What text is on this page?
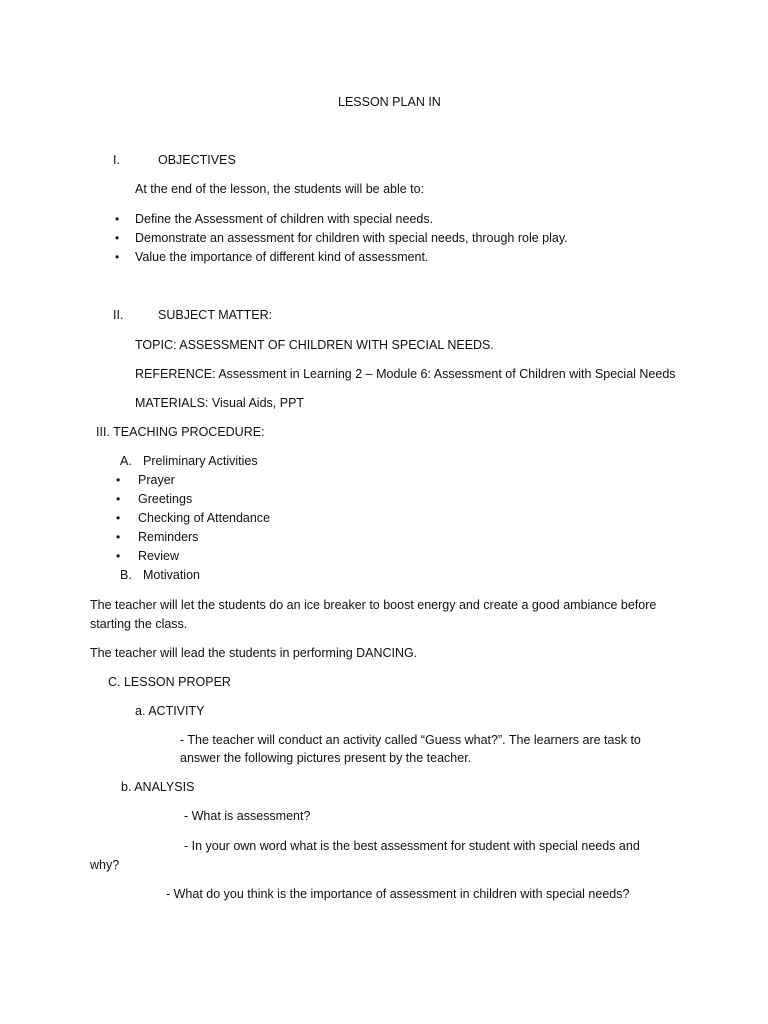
LESSON PLAN IN
I.	OBJECTIVES
At the end of the lesson, the students will be able to:
• Define the Assessment of children with special needs.
• Demonstrate an assessment for children with special needs, through role play.
• Value the importance of different kind of assessment.
II.	SUBJECT MATTER:
TOPIC: ASSESSMENT OF CHILDREN WITH SPECIAL NEEDS.
REFERENCE: Assessment in Learning 2 – Module 6: Assessment of Children with Special Needs
MATERIALS: Visual Aids, PPT
III. TEACHING PROCEDURE:
A. Preliminary Activities
• Prayer
• Greetings
• Checking of Attendance
• Reminders
• Review
B. Motivation
The teacher will let the students do an ice breaker to boost energy and create a good ambiance before
starting the class.
The teacher will lead the students in performing DANCING.
C. LESSON PROPER
a. ACTIVITY
- The teacher will conduct an activity called “Guess what?”. The learners are task to
answer the following pictures present by the teacher.
b. ANALYSIS
- What is assessment?
- In your own word what is the best assessment for student with special needs and
why?
- What do you think is the importance of assessment in children with special needs?
